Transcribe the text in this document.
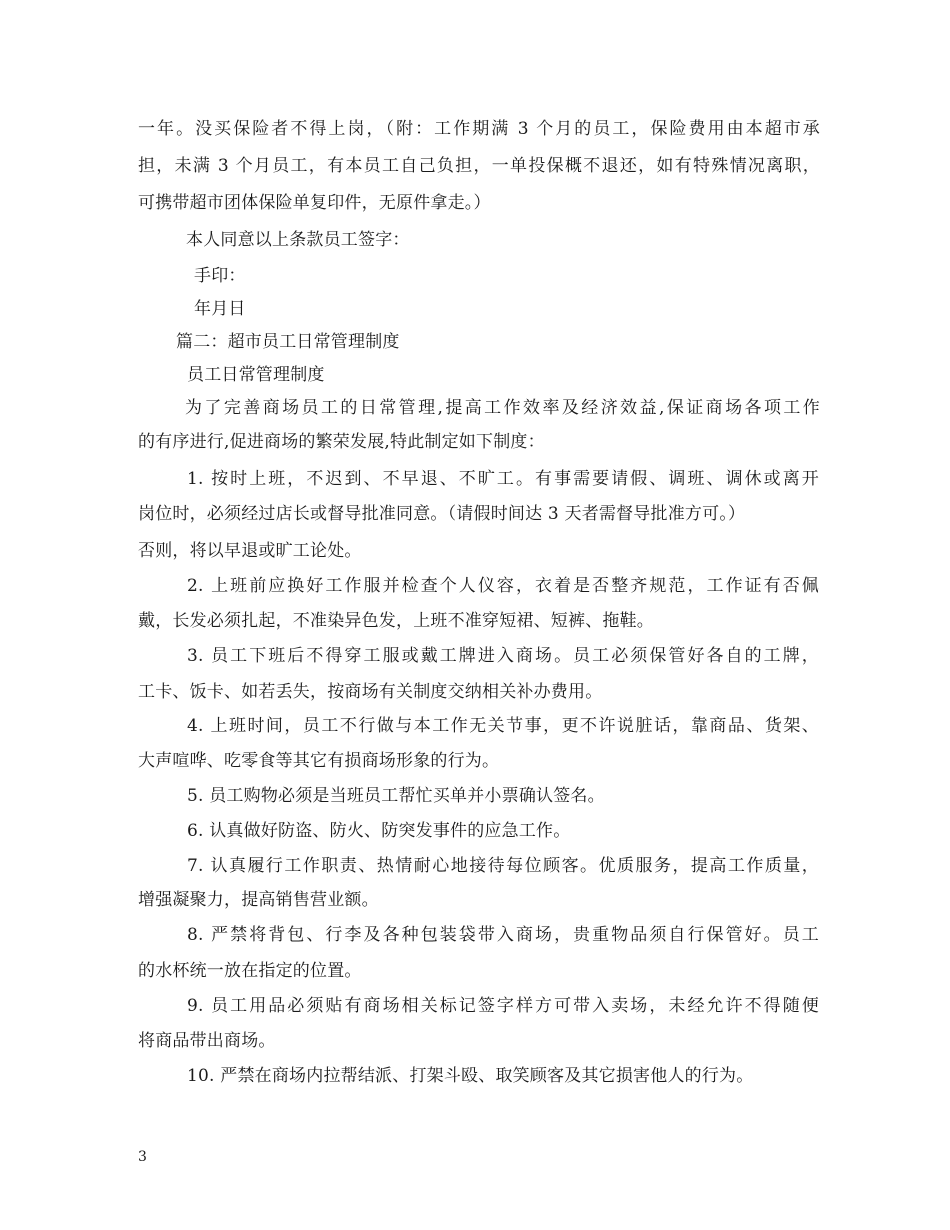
一年。没买保险者不得上岗，（附：工作期满 3 个月的员工，保险费用由本超市承
担，未满 3 个月员工，有本员工自己负担，一单投保概不退还，如有特殊情况离职，
可携带超市团体保险单复印件，无原件拿走。）
本人同意以上条款员工签字：
手印：
年月日
篇二：超市员工日常管理制度
员工日常管理制度
为了完善商场员工的日常管理,提高工作效率及经济效益,保证商场各项工作
的有序进行,促进商场的繁荣发展,特此制定如下制度：
1. 按时上班，不迟到、不早退、不旷工。有事需要请假、调班、调休或离开
岗位时，必须经过店长或督导批准同意。（请假时间达 3 天者需督导批准方可。）
否则，将以早退或旷工论处。
2. 上班前应换好工作服并检查个人仪容，衣着是否整齐规范，工作证有否佩
戴，长发必须扎起，不准染异色发，上班不准穿短裙、短裤、拖鞋。
3. 员工下班后不得穿工服或戴工牌进入商场。员工必须保管好各自的工牌，
工卡、饭卡、如若丢失，按商场有关制度交纳相关补办费用。
4. 上班时间，员工不行做与本工作无关节事，更不许说脏话，靠商品、货架、
大声喧哗、吃零食等其它有损商场形象的行为。
5. 员工购物必须是当班员工帮忙买单并小票确认签名。
6. 认真做好防盗、防火、防突发事件的应急工作。
7. 认真履行工作职责、热情耐心地接待每位顾客。优质服务，提高工作质量，
增强凝聚力，提高销售营业额。
8. 严禁将背包、行李及各种包装袋带入商场，贵重物品须自行保管好。员工
的水杯统一放在指定的位置。
9. 员工用品必须贴有商场相关标记签字样方可带入卖场，未经允许不得随便
将商品带出商场。
10. 严禁在商场内拉帮结派、打架斗殴、取笑顾客及其它损害他人的行为。
3
